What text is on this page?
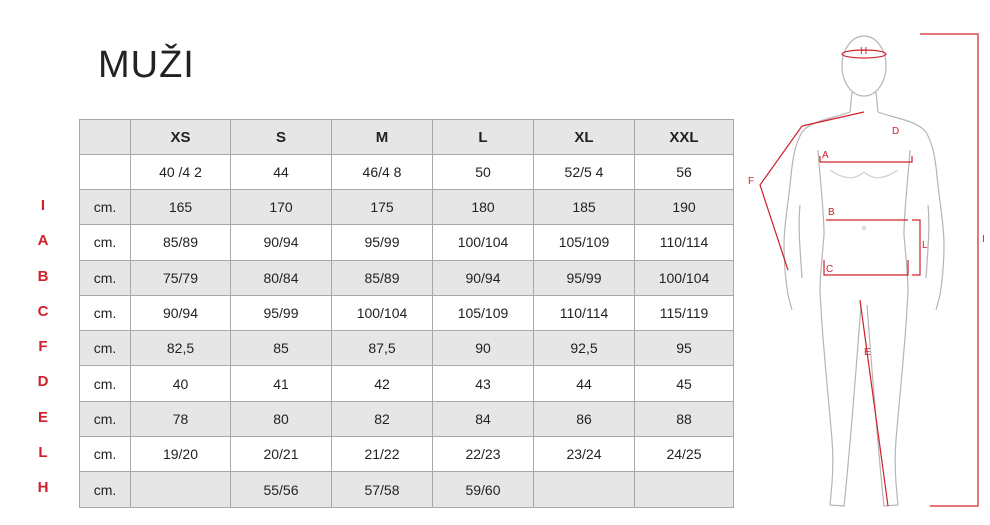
MUŽI
I
A
B
C
F
D
E
L
H
	XS	S	M	L	XL	XXL
	40 /4 2	44	46/4 8	50	52/5 4	56
cm.	165	170	175	180	185	190
cm.	85/89	90/94	95/99	100/104	105/109	110/114
cm.	75/79	80/84	85/89	90/94	95/99	100/104
cm.	90/94	95/99	100/104	105/109	110/114	115/119
cm.	82,5	85	87,5	90	92,5	95
cm.	40	41	42	43	44	45
cm.	78	80	82	84	86	88
cm.	19/20	20/21	21/22	22/23	23/24	24/25
cm.		55/56	57/58	59/60		
H
D
A
F
B
L
C
E
I
